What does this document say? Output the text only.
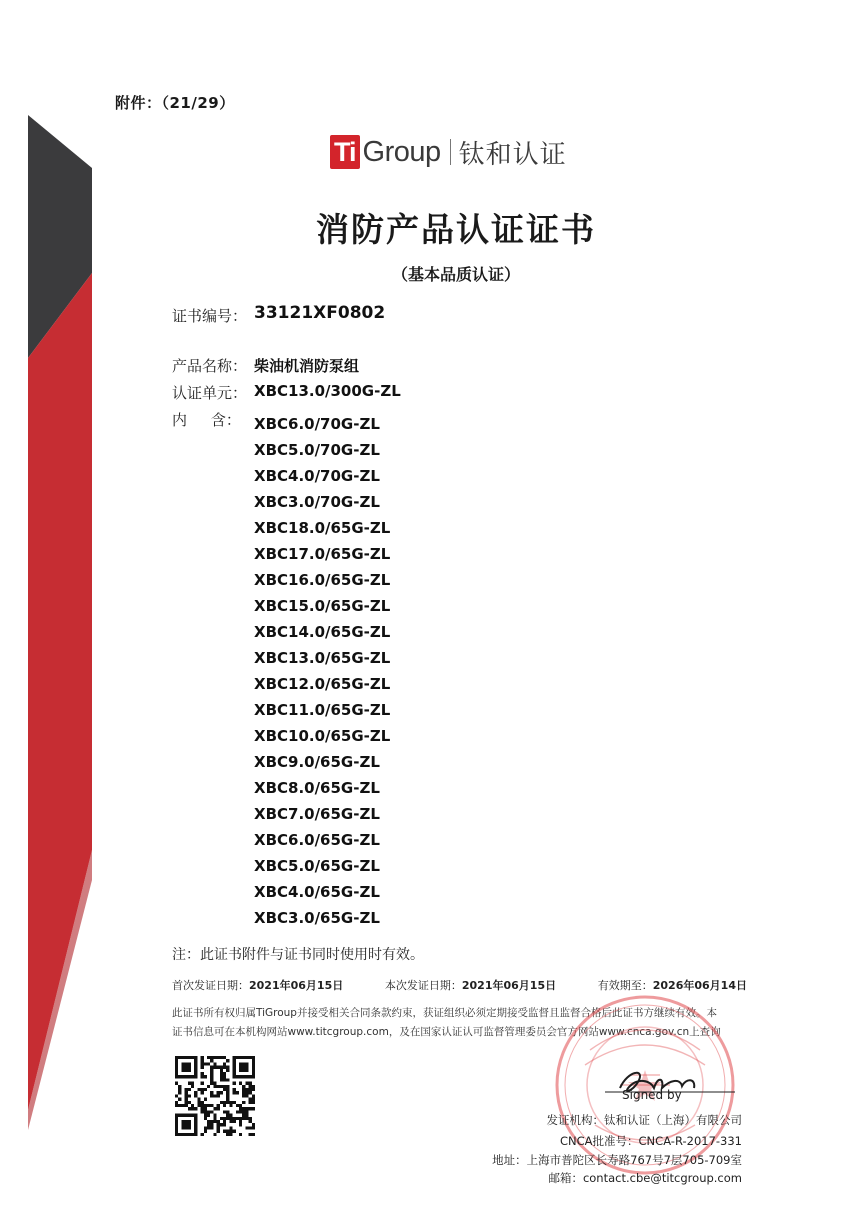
附件：（21/29）
Ti Group 钛和认证
消防产品认证证书
（基本品质认证）
证书编号： 33121XF0802
产品名称： 柴油机消防泵组
认证单元： XBC13.0/300G-ZL
内     含： XBC6.0/70G-ZL
XBC5.0/70G-ZL
XBC4.0/70G-ZL
XBC3.0/70G-ZL
XBC18.0/65G-ZL
XBC17.0/65G-ZL
XBC16.0/65G-ZL
XBC15.0/65G-ZL
XBC14.0/65G-ZL
XBC13.0/65G-ZL
XBC12.0/65G-ZL
XBC11.0/65G-ZL
XBC10.0/65G-ZL
XBC9.0/65G-ZL
XBC8.0/65G-ZL
XBC7.0/65G-ZL
XBC6.0/65G-ZL
XBC5.0/65G-ZL
XBC4.0/65G-ZL
XBC3.0/65G-ZL
注：此证书附件与证书同时使用时有效。
首次发证日期：2021年06月15日	本次发证日期：2021年06月15日	有效期至：2026年06月14日
此证书所有权归属TiGroup并接受相关合同条款约束，获证组织必须定期接受监督且监督合格后此证书方继续有效。本
证书信息可在本机构网站www.titcgroup.com，及在国家认证认可监督管理委员会官方网站www.cnca.gov.cn上查询
Signed by
发证机构：钛和认证（上海）有限公司
CNCA批准号：CNCA-R-2017-331
地址：上海市普陀区长寿路767号7层705-709室
邮箱：contact.cbe@titcgroup.com
